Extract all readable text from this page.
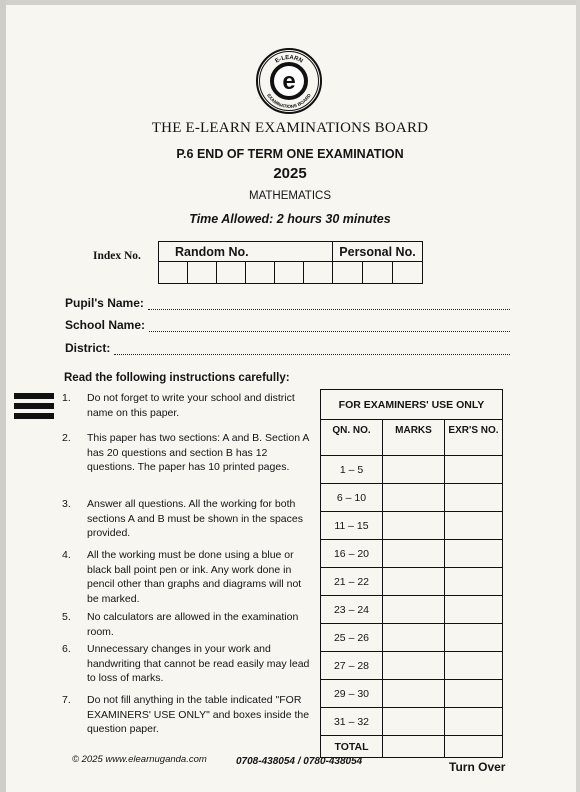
E-LEARN
EXAMINATIONS BOARD
e
THE E-LEARN EXAMINATIONS BOARD
P.6 END OF TERM ONE EXAMINATION
2025
MATHEMATICS
Time Allowed: 2 hours 30 minutes
Index No.	Random No.						Personal No.		

Pupil's Name:
School Name:
District:
Read the following instructions carefully:
1.	Do not forget to write your school and district name on this paper.
2.	This paper has two sections: A and B. Section A has 20 questions and section B has 12 questions. The paper has 10 printed pages.
3.	Answer all questions. All the working for both sections A and B must be shown in the spaces provided.
4.	All the working must be done using a blue or black ball point pen or ink. Any work done in pencil other than graphs and diagrams will not be marked.
5.	No calculators are allowed in the examination room.
6.	Unnecessary changes in your work and handwriting that cannot be read easily may lead to loss of marks.
7.	Do not fill anything in the table indicated "FOR EXAMINERS' USE ONLY" and boxes inside the question paper.
FOR EXAMINERS' USE ONLY		
QN. NO.	MARKS	EXR'S NO.
1 – 5		
6 – 10		
11 – 15		
16 – 20		
21 – 22		
23 – 24		
25 – 26		
27 – 28		
29 – 30		
31 – 32		
TOTAL		
© 2025 www.elearnuganda.com	0708-438054 / 0780-438054	Turn Over
